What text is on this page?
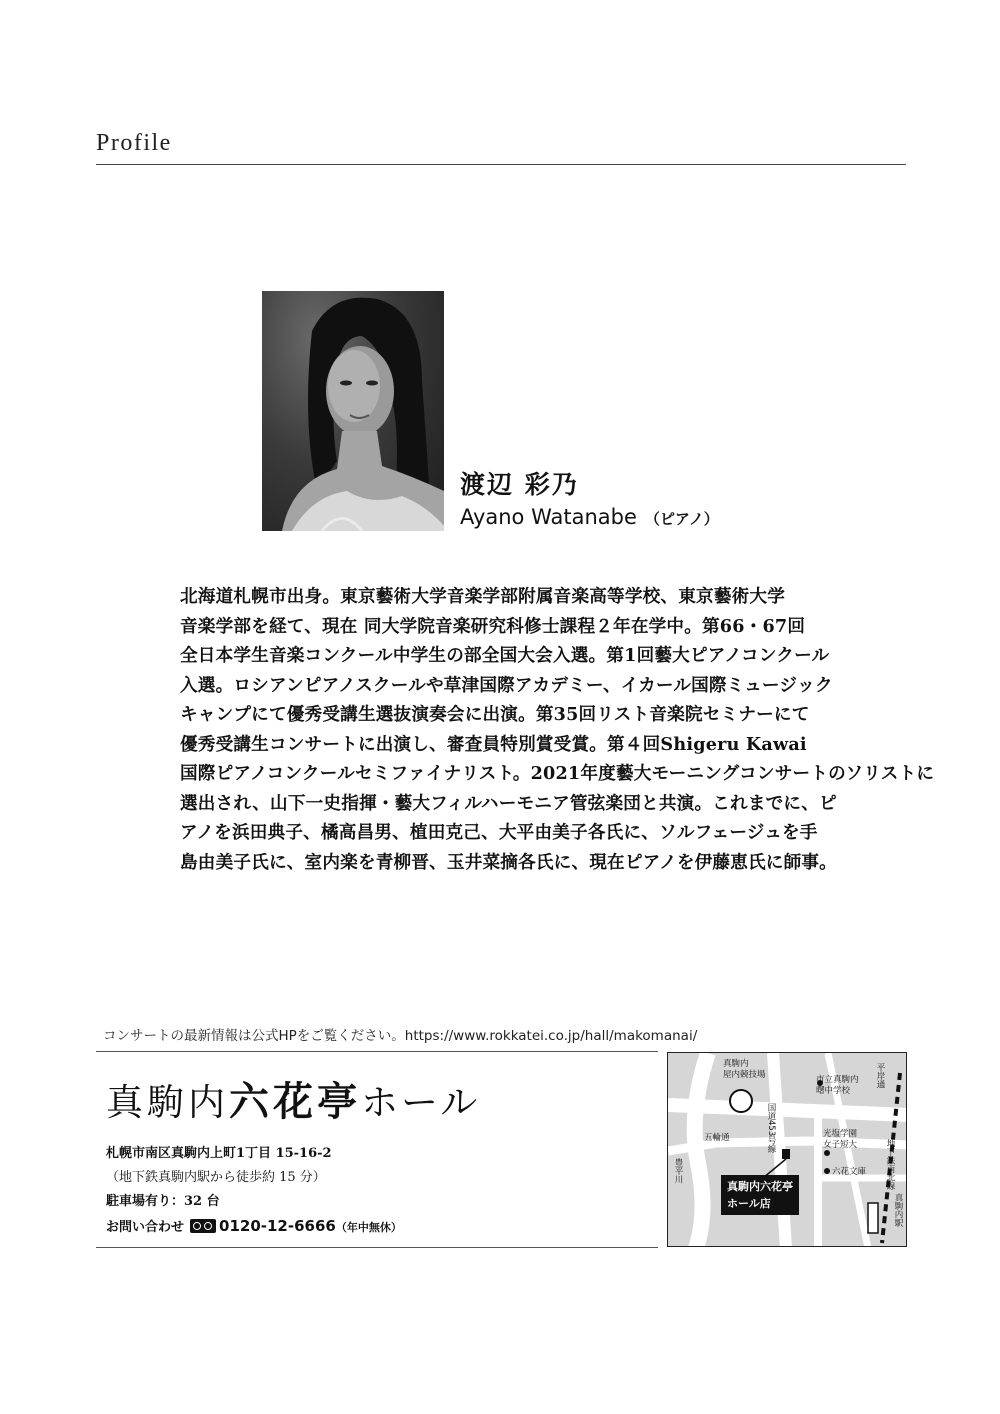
Profile
渡辺 彩乃
Ayano Watanabe （ピアノ）
北海道札幌市出身。東京藝術大学音楽学部附属音楽高等学校、東京藝術大学
音楽学部を経て、現在 同大学院音楽研究科修士課程２年在学中。第66・67回
全日本学生音楽コンクール中学生の部全国大会入選。第1回藝大ピアノコンクール
入選。ロシアンピアノスクールや草津国際アカデミー、イカール国際ミュージック
キャンプにて優秀受講生選抜演奏会に出演。第35回リスト音楽院セミナーにて
優秀受講生コンサートに出演し、審査員特別賞受賞。第４回Shigeru Kawai
国際ピアノコンクールセミファイナリスト。2021年度藝大モーニングコンサートのソリストに
選出され、山下一史指揮・藝大フィルハーモニア管弦楽団と共演。これまでに、ピ
アノを浜田典子、橘高昌男、植田克己、大平由美子各氏に、ソルフェージュを手
島由美子氏に、室内楽を青柳晋、玉井菜摘各氏に、現在ピアノを伊藤恵氏に師事。
コンサートの最新情報は公式HPをご覧ください。https://www.rokkatei.co.jp/hall/makomanai/
真駒内六花亭ホール
札幌市南区真駒内上町1丁目 15-16-2
（地下鉄真駒内駅から徒歩約 15 分）
駐車場有り：32 台
お問い合わせ 0120-12-6666（年中無休）
真駒内
屋内競技場
五輪通
市立真駒内
曙中学校
光塩学園
女子短大
六花文庫
国道453号線
豊平川
平岸通
地下鉄南北線
真駒内駅
真駒内六花亭
ホール店
